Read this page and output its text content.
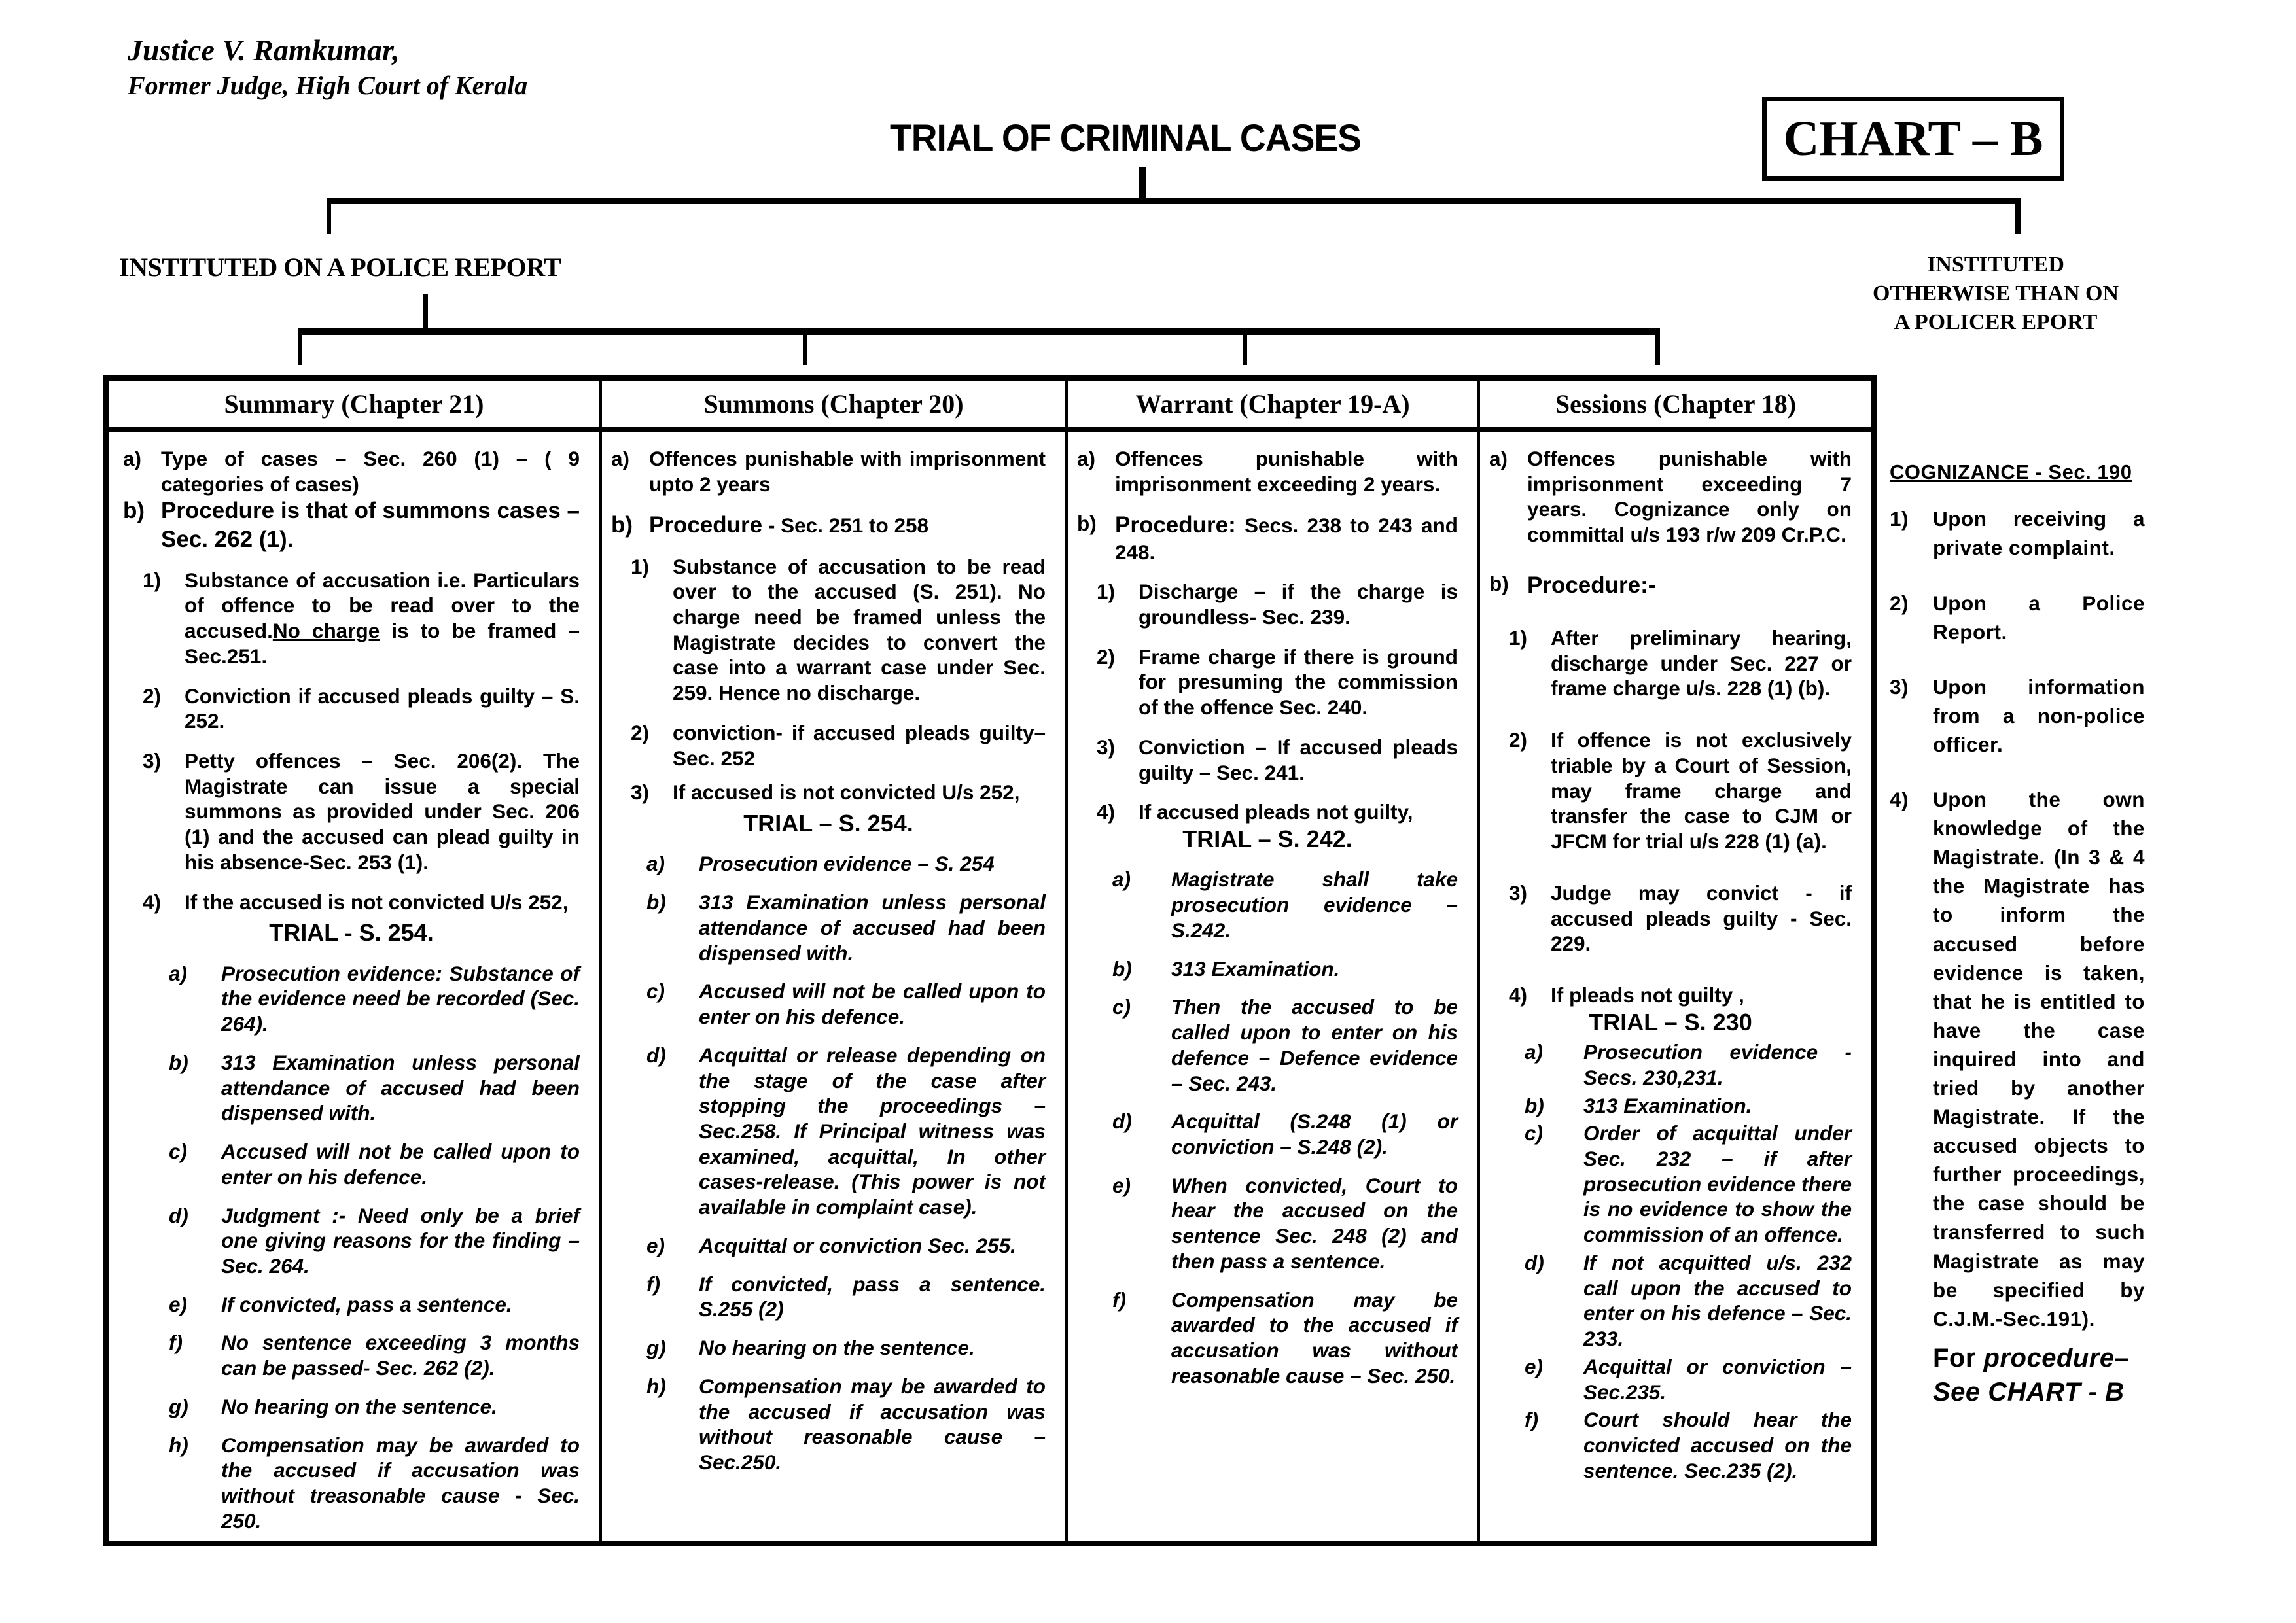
Justice V. Ramkumar,
Former Judge, High Court of Kerala
TRIAL OF CRIMINAL CASES	CHART – B
INSTITUTED ON A POLICE REPORT	INSTITUTED
OTHERWISE THAN ON
A POLICER EPORT
Summary (Chapter 21)
a) Type of cases – Sec. 260 (1) – ( 9 categories of cases)
b) Procedure is that of summons cases –Sec. 262 (1).
1)	Substance of accusation i.e. Particulars of offence to be read over to the accused.No charge is to be framed – Sec.251.
2)	Conviction if accused pleads guilty – S. 252.
3)	Petty offences – Sec. 206(2). The Magistrate can issue a special summons as provided under Sec. 206 (1) and the accused can plead guilty in his absence-Sec. 253 (1).
4)	If the accused is not convicted U/s 252,
TRIAL - S. 254.
a)	Prosecution evidence: Substance of the evidence need be recorded (Sec. 264).
b)	313 Examination unless personal attendance of accused had been dispensed with.
c)	Accused will not be called upon to enter on his defence.
d)	Judgment :- Need only be a brief one giving reasons for the finding – Sec. 264.
e)	If convicted, pass a sentence.
f)	No sentence exceeding 3 months can be passed- Sec. 262 (2).
g)	No hearing on the sentence.
h)	Compensation may be awarded to the accused if accusation was without treasonable cause - Sec. 250.
Summons (Chapter 20)
a) Offences punishable with imprisonment upto 2 years
b) Procedure - Sec. 251 to 258
1)	Substance of accusation to be read over to the accused (S. 251). No charge need be framed unless the Magistrate decides to convert the case into a warrant case under Sec. 259. Hence no discharge.
2)	conviction- if accused pleads guilty– Sec. 252
3)	If accused is not convicted U/s 252,
TRIAL – S. 254.
a)	Prosecution evidence – S. 254
b)	313 Examination unless personal attendance of accused had been dispensed with.
c)	Accused will not be called upon to enter on his defence.
d)	Acquittal or release depending on the stage of the case after stopping the proceedings – Sec.258. If Principal witness was examined, acquittal, In other cases-release. (This power is not available in complaint case).
e)	Acquittal or conviction Sec. 255.
f)	If convicted, pass a sentence. S.255 (2)
g)	No hearing on the sentence.
h)	Compensation may be awarded to the accused if accusation was without reasonable cause – Sec.250.
Warrant (Chapter 19-A)
a) Offences punishable with imprisonment exceeding 2 years.
b) Procedure: Secs. 238 to 243 and 248.
1)	Discharge – if the charge is groundless- Sec. 239.
2)	Frame charge if there is ground for presuming the commission of the offence Sec. 240.
3)	Conviction – If accused pleads guilty – Sec. 241.
4)	If accused pleads not guilty,
TRIAL – S. 242.
a)	Magistrate shall take prosecution evidence – S.242.
b)	313 Examination.
c)	Then the accused to be called upon to enter on his defence – Defence evidence – Sec. 243.
d)	Acquittal (S.248 (1) or conviction – S.248 (2).
e)	When convicted, Court to hear the accused on the sentence Sec. 248 (2) and then pass a sentence.
f)	Compensation may be awarded to the accused if accusation was without reasonable cause – Sec. 250.
Sessions (Chapter 18)
a) Offences punishable with imprisonment exceeding 7 years. Cognizance only on committal u/s 193 r/w 209 Cr.P.C.
b) Procedure:-
1)	After preliminary hearing, discharge under Sec. 227 or frame charge u/s. 228 (1) (b).
2)	If offence is not exclusively triable by a Court of Session, may frame charge and transfer the case to CJM or JFCM for trial u/s 228 (1) (a).
3)	Judge may convict - if accused pleads guilty - Sec. 229.
4)	If pleads not guilty ,
TRIAL – S. 230
a)	Prosecution evidence - Secs. 230,231.
b)	313 Examination.
c)	Order of acquittal under Sec. 232 – if after prosecution evidence there is no evidence to show the commission of an offence.
d)	If not acquitted u/s. 232 call upon the accused to enter on his defence – Sec. 233.
e)	Acquittal or conviction – Sec.235.
f)	Court should hear the convicted accused on the sentence. Sec.235 (2).
COGNIZANCE - Sec. 190
1)	Upon receiving a private complaint.
2)	Upon a Police Report.
3)	Upon information from a non-police officer.
4)	Upon the own knowledge of the Magistrate. (In 3 & 4 the Magistrate has to inform the accused before evidence is taken, that he is entitled to have the case inquired into and tried by another Magistrate. If the accused objects to further proceedings, the case should be transferred to such Magistrate as may be specified by C.J.M.-Sec.191).
For procedure–
See CHART - B
